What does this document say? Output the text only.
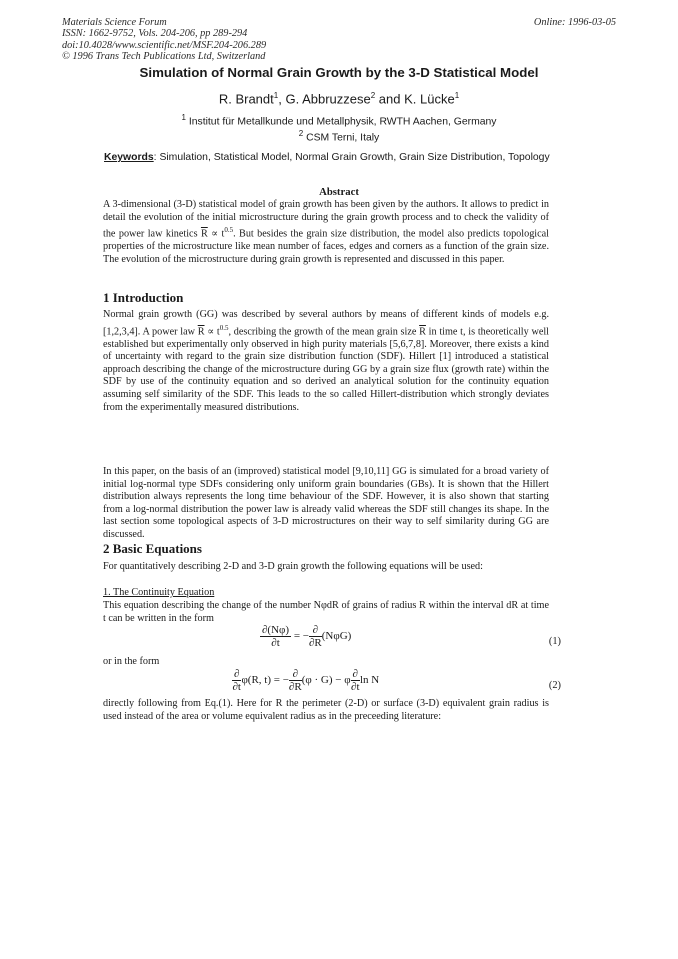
Materials Science Forum
ISSN: 1662-9752, Vols. 204-206, pp 289-294
doi:10.4028/www.scientific.net/MSF.204-206.289
© 1996 Trans Tech Publications Ltd, Switzerland
Online: 1996-03-05
Simulation of Normal Grain Growth by the 3-D Statistical Model
R. Brandt$^1$, G. Abbruzzese$^2$ and K. Lücke$^1$
$^1$ Institut für Metallkunde und Metallphysik, RWTH Aachen, Germany
$^2$ CSM Terni, Italy
Keywords: Simulation, Statistical Model, Normal Grain Growth, Grain Size Distribution, Topology
Abstract
A 3-dimensional (3-D) statistical model of grain growth has been given by the authors. It allows to predict in detail the evolution of the initial microstructure during the grain growth process and to check the validity of the power law kinetics $\overline{R} \propto t^{0.5}$. But besides the grain size distribution, the model also predicts topological properties of the microstructure like mean number of faces, edges and corners as a function of the grain size. The evolution of the microstructure during grain growth is represented and discussed in this paper.
1 Introduction
Normal grain growth (GG) was described by several authors by means of different kinds of models e.g. [1,2,3,4]. A power law $\overline{R} \propto t^{0.5}$, describing the growth of the mean grain size $\overline{R}$ in time t, is theoretically well established but experimentally only observed in high purity materials [5,6,7,8]. Moreover, there exists a kind of uncertainty with regard to the grain size distribution function (SDF). Hillert [1] introduced a statistical approach describing the change of the microstructure during GG by a grain size flux (growth rate) within the SDF by use of the continuity equation and so derived an analytical solution for the continuity equation assuming self similarity of the SDF. This leads to the so called Hillert-distribution which strongly deviates from the experimentally measured distributions.
In this paper, on the basis of an (improved) statistical model [9,10,11] GG is simulated for a broad variety of initial log-normal type SDFs considering only uniform grain boundaries (GBs). It is shown that the Hillert distribution always represents the long time behaviour of the SDF. However, it is also shown that starting from a log-normal distribution the power law is already valid whereas the SDF still changes its shape. In the last section some topological aspects of 3-D microstructures on their way to self similarity during GG are discussed.
2 Basic Equations
For quantitatively describing 2-D and 3-D grain growth the following equations will be used:
1. The Continuity Equation
This equation describing the change of the number NφdR of grains of radius R within the interval dR at time t can be written in the form
$\frac{\partial(N\varphi)}{\partial t}$ = − $\frac{\partial}{\partial R} (N\varphi G)$	(1)
or in the form
$\frac{\partial}{\partial t} \varphi(R$, t) = − $\frac{\partial}{\partial R} (\varphi \cdot G) - \varphi \frac{\partial}{\partial t}$ ln N	(2)
directly following from Eq.(1). Here for R the perimeter (2-D) or surface (3-D) equivalent grain radius is used instead of the area or volume equivalent radius as in the preceeding literature:
